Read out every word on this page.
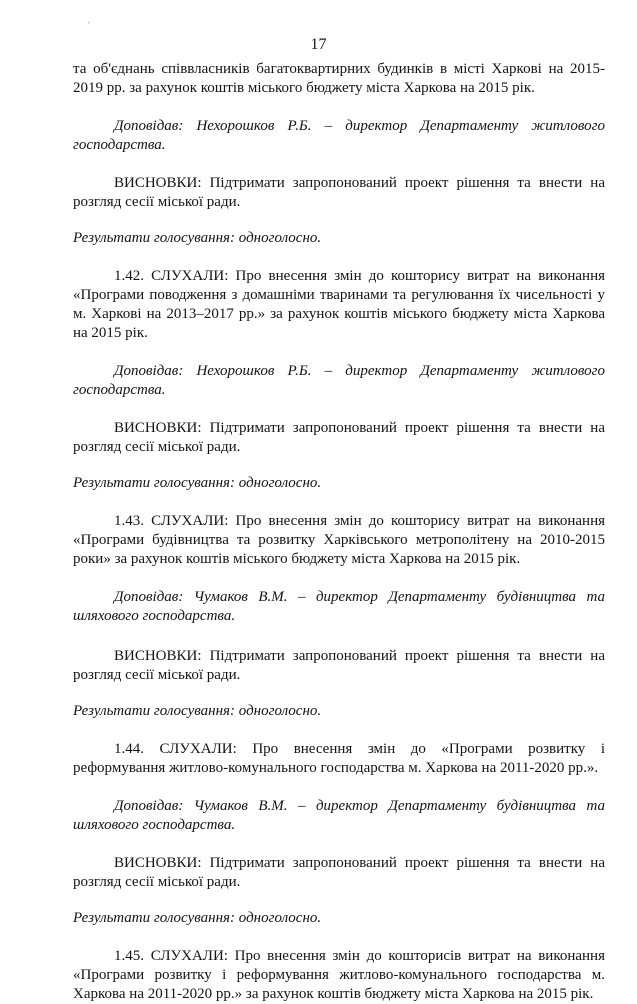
'
17

та об'єднань співвласників багатоквартирних будинків в місті Харкові на 2015-2019 рр. за рахунок коштів міського бюджету міста Харкова на 2015 рік.

Доповідав: Нехорошков Р.Б. – директор Департаменту житлового господарства.

ВИСНОВКИ: Підтримати запропонований проект рішення та внести на розгляд сесії міської ради.

Результати голосування: одноголосно.

1.42. СЛУХАЛИ: Про внесення змін до кошторису витрат на виконання «Програми поводження з домашніми тваринами та регулювання їх чисельності у м. Харкові на 2013–2017 рр.» за рахунок коштів міського бюджету міста Харкова на 2015 рік.

Доповідав: Нехорошков Р.Б. – директор Департаменту житлового господарства.

ВИСНОВКИ: Підтримати запропонований проект рішення та внести на розгляд сесії міської ради.

Результати голосування: одноголосно.

1.43. СЛУХАЛИ: Про внесення змін до кошторису витрат на виконання «Програми будівництва та розвитку Харківського метрополітену на 2010-2015 роки» за рахунок коштів міського бюджету міста Харкова на 2015 рік.

Доповідав: Чумаков В.М. – директор Департаменту будівництва та шляхового господарства.

ВИСНОВКИ: Підтримати запропонований проект рішення та внести на розгляд сесії міської ради.

Результати голосування: одноголосно.

1.44. СЛУХАЛИ: Про внесення змін до «Програми розвитку і реформування житлово-комунального господарства м. Харкова на 2011-2020 рр.».

Доповідав: Чумаков В.М. – директор Департаменту будівництва та шляхового господарства.

ВИСНОВКИ: Підтримати запропонований проект рішення та внести на розгляд сесії міської ради.

Результати голосування: одноголосно.

1.45. СЛУХАЛИ: Про внесення змін до кошторисів витрат на виконання «Програми розвитку і реформування житлово-комунального господарства м. Харкова на 2011-2020 рр.» за рахунок коштів бюджету міста Харкова на 2015 рік.
